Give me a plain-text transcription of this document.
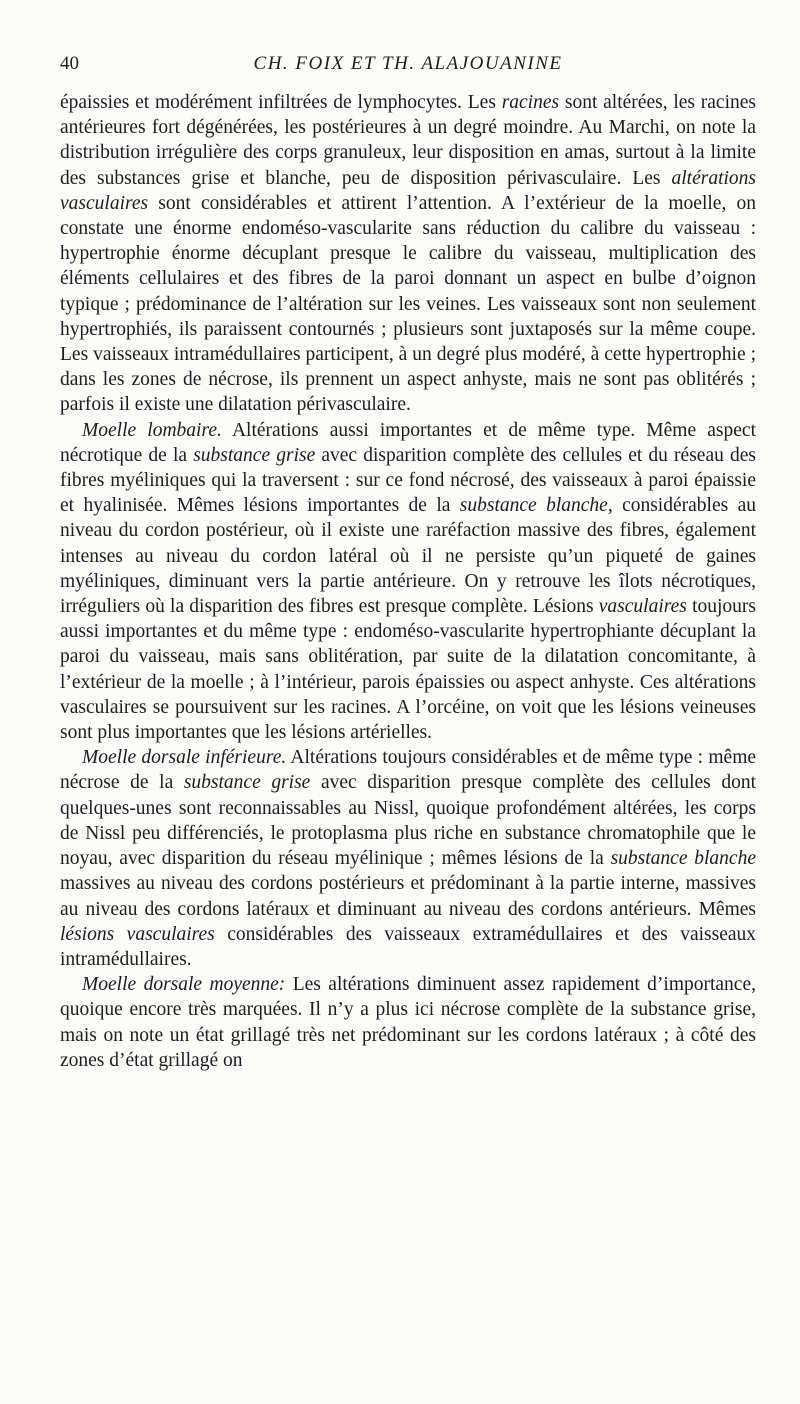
40	CH. FOIX ET TH. ALAJOUANINE

épaissies et modérément infiltrées de lymphocytes. Les racines sont altérées, les racines antérieures fort dégénérées, les postérieures à un degré moindre. Au Marchi, on note la distribution irrégulière des corps granuleux, leur disposition en amas, surtout à la limite des substances grise et blanche, peu de disposition périvasculaire. Les altérations vasculaires sont considérables et attirent l’attention. A l’extérieur de la moelle, on constate une énorme endoméso-vascularite sans réduction du calibre du vaisseau : hypertrophie énorme décuplant presque le calibre du vaisseau, multiplication des éléments cellulaires et des fibres de la paroi donnant un aspect en bulbe d’oignon typique ; prédominance de l’altération sur les veines. Les vaisseaux sont non seulement hypertrophiés, ils paraissent contournés ; plusieurs sont juxtaposés sur la même coupe. Les vaisseaux intramédullaires participent, à un degré plus modéré, à cette hypertrophie ; dans les zones de nécrose, ils prennent un aspect anhyste, mais ne sont pas oblitérés ; parfois il existe une dilatation périvasculaire.

Moelle lombaire. Altérations aussi importantes et de même type. Même aspect nécrotique de la substance grise avec disparition complète des cellules et du réseau des fibres myéliniques qui la traversent : sur ce fond nécrosé, des vaisseaux à paroi épaissie et hyalinisée. Mêmes lésions importantes de la substance blanche, considérables au niveau du cordon postérieur, où il existe une raréfaction massive des fibres, également intenses au niveau du cordon latéral où il ne persiste qu’un piqueté de gaines myéliniques, diminuant vers la partie antérieure. On y retrouve les îlots nécrotiques, irréguliers où la disparition des fibres est presque complète. Lésions vasculaires toujours aussi importantes et du même type : endoméso-vascularite hypertrophiante décuplant la paroi du vaisseau, mais sans oblitération, par suite de la dilatation concomitante, à l’extérieur de la moelle ; à l’intérieur, parois épaissies ou aspect anhyste. Ces altérations vasculaires se poursuivent sur les racines. A l’orcéine, on voit que les lésions veineuses sont plus importantes que les lésions artérielles.

Moelle dorsale inférieure. Altérations toujours considérables et de même type : même nécrose de la substance grise avec disparition presque complète des cellules dont quelques-unes sont reconnaissables au Nissl, quoique profondément altérées, les corps de Nissl peu différenciés, le protoplasma plus riche en substance chromatophile que le noyau, avec disparition du réseau myélinique ; mêmes lésions de la substance blanche massives au niveau des cordons postérieurs et prédominant à la partie interne, massives au niveau des cordons latéraux et diminuant au niveau des cordons antérieurs. Mêmes lésions vasculaires considérables des vaisseaux extramédullaires et des vaisseaux intramédullaires.

Moelle dorsale moyenne: Les altérations diminuent assez rapidement d’importance, quoique encore très marquées. Il n’y a plus ici nécrose complète de la substance grise, mais on note un état grillagé très net prédominant sur les cordons latéraux ; à côté des zones d’état grillagé on
